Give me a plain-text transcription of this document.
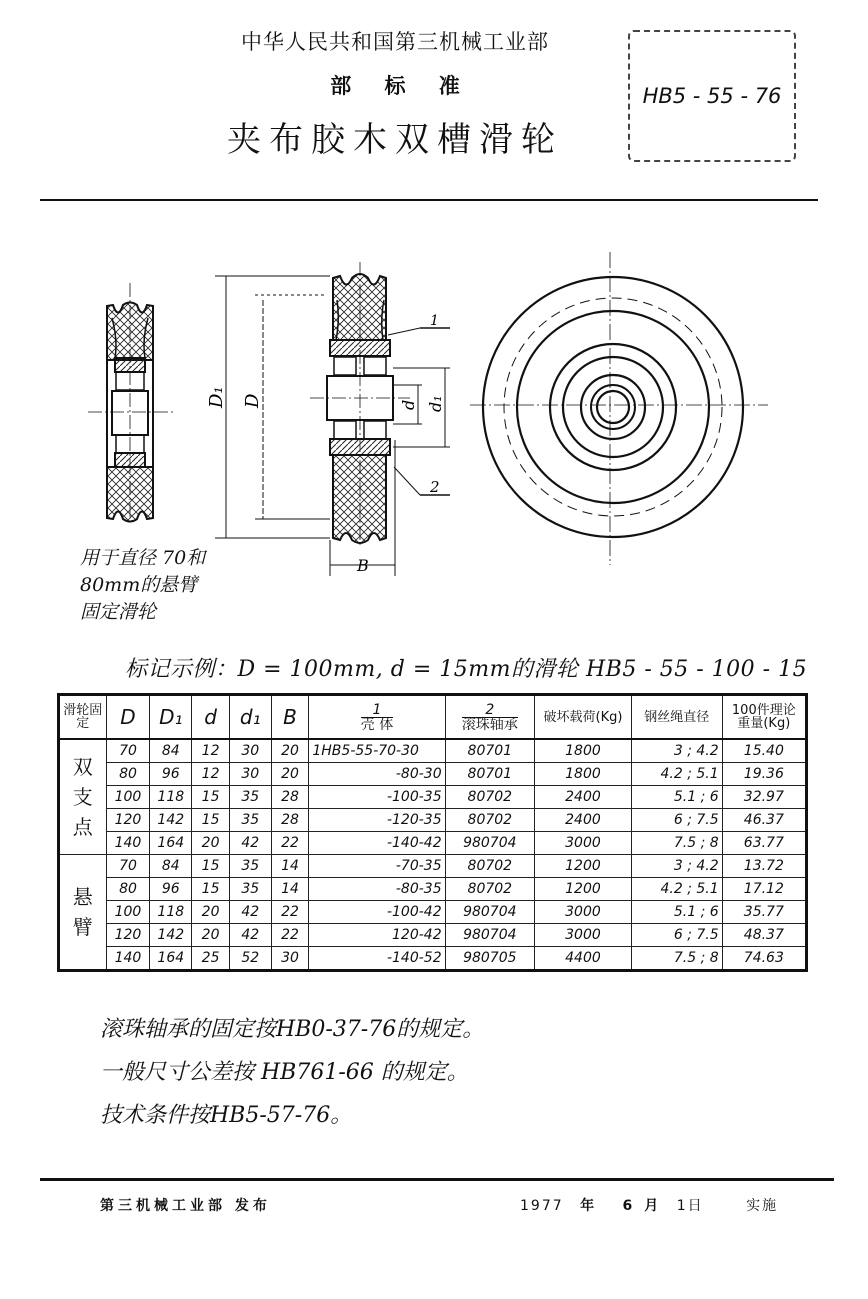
中华人民共和国第三机械工业部
部 标 准
夹布胶木双槽滑轮
HB5 - 55 - 76
D₁ D	d d₁
B
1
2
用于直径 70和
80mm的悬臂
固定滑轮
标记示例：D = 100mm, d = 15mm的滑轮 HB5 - 55 - 100 - 15
滑轮固定	D	D₁	d	d₁	B	$\frac{1}{\text{壳 体}}$	$\frac{2}{\text{滚珠轴承}}$	破坏载荷(Kg)	钢丝绳直径	100件理论重量(Kg)

双
支
点	70	84	12	30	20	1HB5-55-70-30	80701	1800	3 ; 4.2	15.40
	80	96	12	30	20	-80-30	80701	1800	4.2 ; 5.1	19.36
	100	118	15	35	28	-100-35	80702	2400	5.1 ; 6	32.97
	120	142	15	35	28	-120-35	80702	2400	6 ; 7.5	46.37
	140	164	20	42	22	-140-42	980704	3000	7.5 ; 8	63.77

悬
臂	70	84	15	35	14	-70-35	80702	1200	3 ; 4.2	13.72
	80	96	15	35	14	-80-35	80702	1200	4.2 ; 5.1	17.12
	100	118	20	42	22	-100-42	980704	3000	5.1 ; 6	35.77
	120	142	20	42	22	120-42	980704	3000	6 ; 7.5	48.37
	140	164	25	52	30	-140-52	980705	4400	7.5 ; 8	74.63
滚珠轴承的固定按HB0-37-76的规定。
一般尺寸公差按 HB761-66 的规定。
技术条件按HB5-57-76。
第三机械工业部 发布	1977 年 6 月 1日	实施
